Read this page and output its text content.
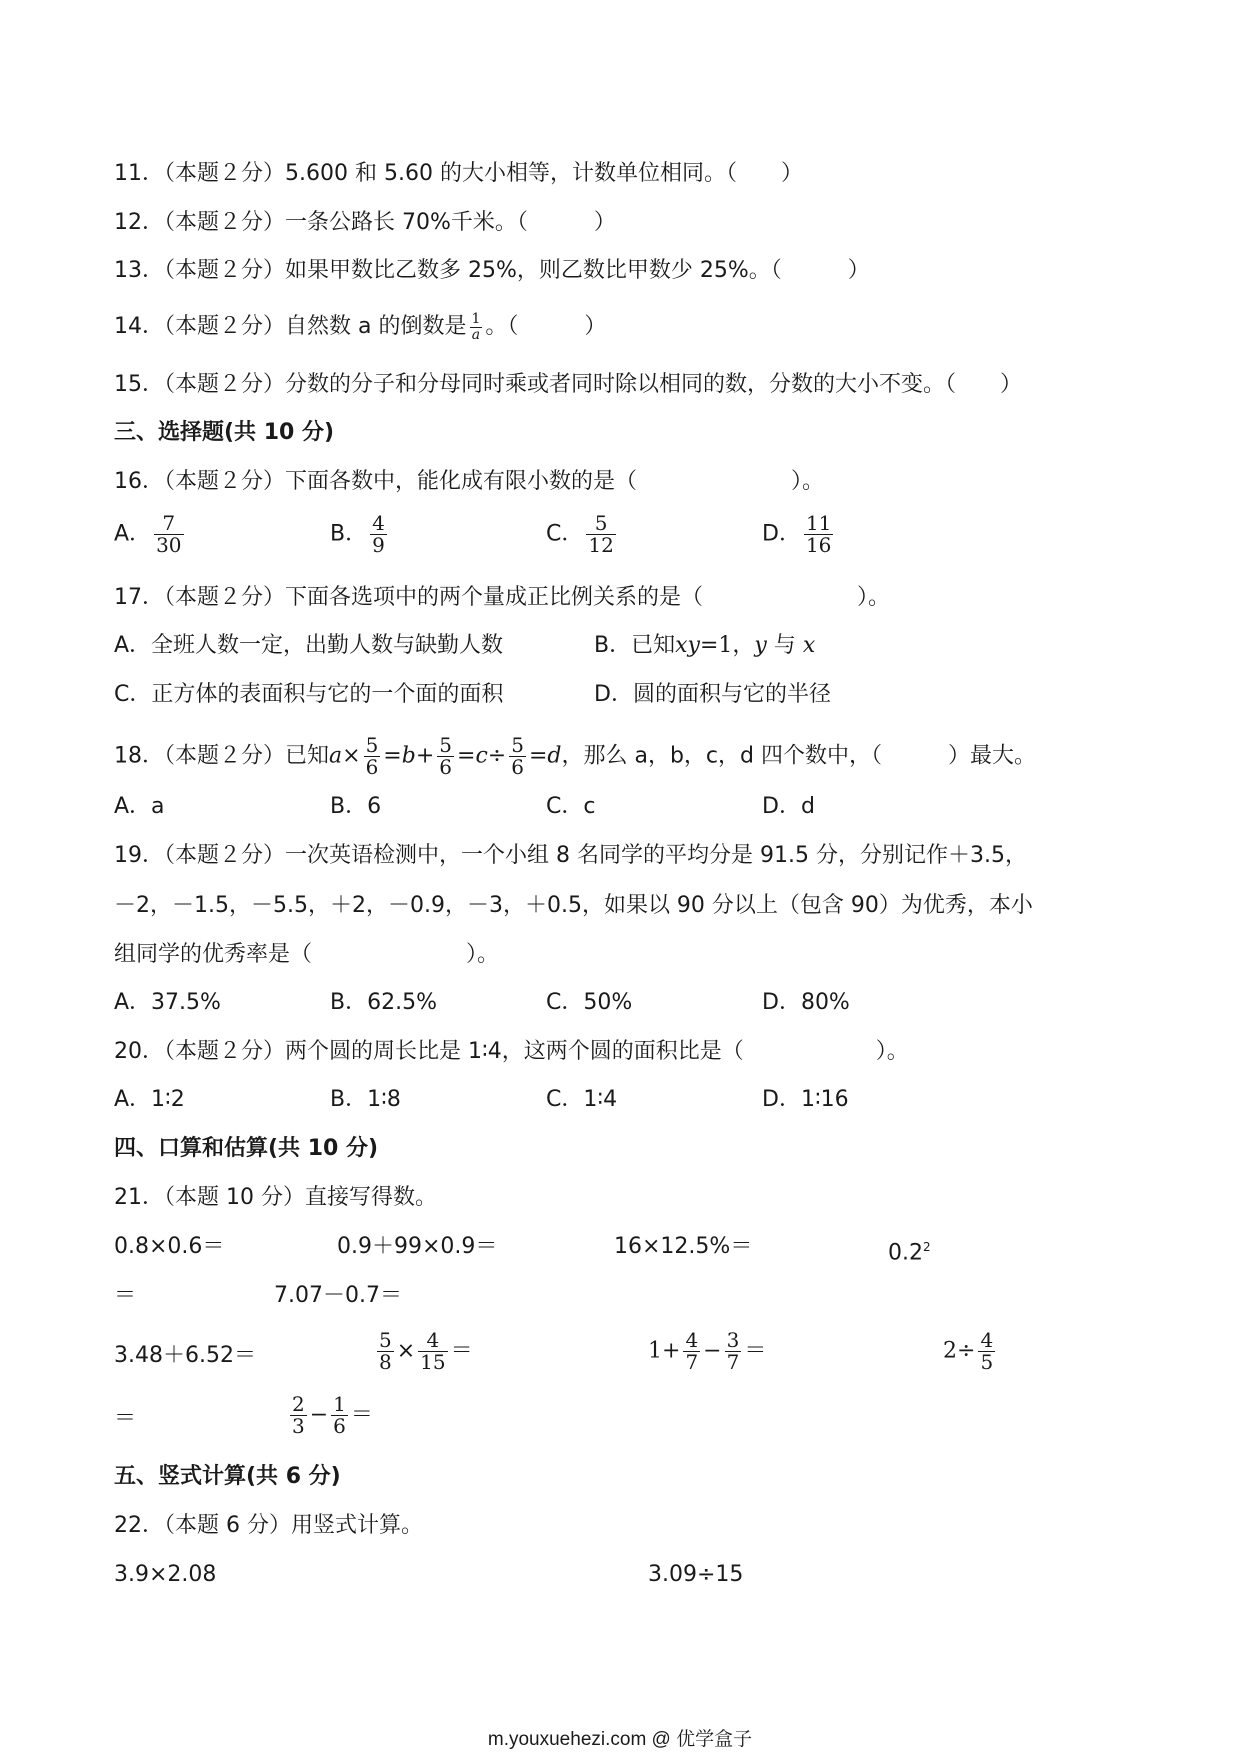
11．（本题２分）5.600 和 5.60 的大小相等，计数单位相同。（　　）
12．（本题２分）一条公路长 70%千米。（　　　）
13．（本题２分）如果甲数比乙数多 25%，则乙数比甲数少 25%。（　　　）
14．（本题２分）自然数 a 的倒数是 $\frac{1}{a}$ 。（　　　）
15．（本题２分）分数的分子和分母同时乘或者同时除以相同的数，分数的大小不变。（　　）
三、选择题(共 10 分)
16．（本题２分）下面各数中，能化成有限小数的是（　　　　　　　）。
A． $\frac{7}{30}$	B． $\frac{4}{9}$	C． $\frac{5}{12}$	D． $\frac{11}{16}$
17．（本题２分）下面各选项中的两个量成正比例关系的是（　　　　　　　）。
A．全班人数一定，出勤人数与缺勤人数	B．已知xy=1，y 与 x
C．正方体的表面积与它的一个面的面积	D．圆的面积与它的半径
18．（本题２分）已知$a\times \frac{5}{6} =b+ \frac{5}{6} =c\div \frac{5}{6} =d$，那么 a，b，c，d 四个数中，（　　　）最大。
A．a	B．6	C．c	D．d
19．（本题２分）一次英语检测中，一个小组 8 名同学的平均分是 91.5 分，分别记作＋3.5，
－2，－1.5，－5.5，＋2，－0.9，－3，＋0.5，如果以 90 分以上（包含 90）为优秀，本小
组同学的优秀率是（　　　　　　　）。
A．37.5%	B．62.5%	C．50%	D．80%
20．（本题２分）两个圆的周长比是 1∶4，这两个圆的面积比是（　　　　　　）。
A．1∶2	B．1∶8	C．1∶4	D．1∶16
四、口算和估算(共 10 分)
21．（本题 10 分）直接写得数。
0.8×0.6＝	0.9＋99×0.9＝	16×12.5%＝	$0.2^2$
＝	7.07－0.7＝
3.48＋6.52＝	$\frac{5}{8} \times \frac{4}{15}$ ＝	$1+ \frac{4}{7} - \frac{3}{7}$ ＝	$2\div \frac{4}{5}$
＝	$\frac{2}{3} - \frac{1}{6}$ ＝
五、竖式计算(共 6 分)
22．（本题 6 分）用竖式计算。
3.9×2.08	3.09÷15
m.youxuehezi.com @ 优学盒子
